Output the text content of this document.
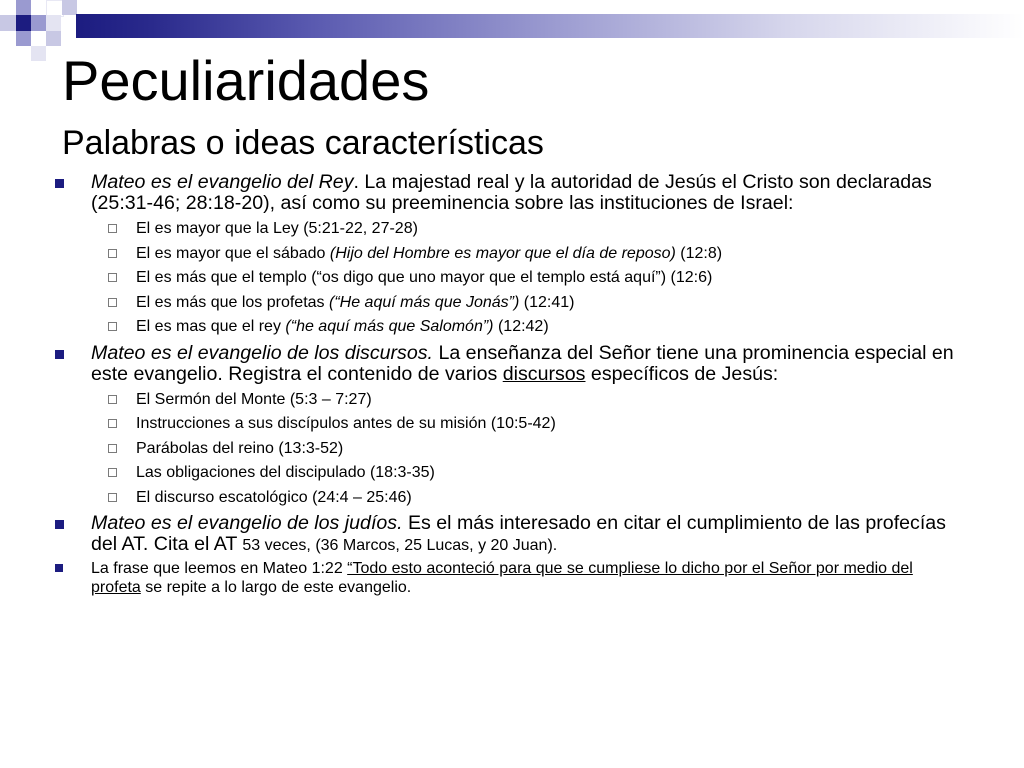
Peculiaridades
Palabras o ideas características
Mateo es el evangelio del Rey. La majestad real y la autoridad de Jesús el Cristo son declaradas (25:31-46; 28:18-20), así como su preeminencia sobre las instituciones de Israel:
El es mayor que la Ley (5:21-22, 27-28)
El es mayor que el sábado (Hijo del Hombre es mayor que el día de reposo) (12:8)
El es más que el templo (“os digo que uno mayor que el templo está aquí”) (12:6)
El es más que los profetas (“He aquí más que Jonás”) (12:41)
El es mas que el rey (“he aquí más que Salomón”) (12:42)
Mateo es el evangelio de los discursos. La enseñanza del Señor tiene una prominencia especial en este evangelio. Registra el contenido de varios discursos específicos de Jesús:
El Sermón del Monte (5:3 – 7:27)
Instrucciones a sus discípulos antes de su misión (10:5-42)
Parábolas del reino (13:3-52)
Las obligaciones del discipulado (18:3-35)
El discurso escatológico (24:4 – 25:46)
Mateo es el evangelio de los judíos. Es el más interesado en citar el cumplimiento de las profecías del AT. Cita el AT 53 veces, (36 Marcos, 25 Lucas, y 20 Juan).
La frase que leemos en Mateo 1:22 “Todo esto aconteció para que se cumpliese lo dicho por el Señor por medio del profeta se repite a lo largo de este evangelio.
